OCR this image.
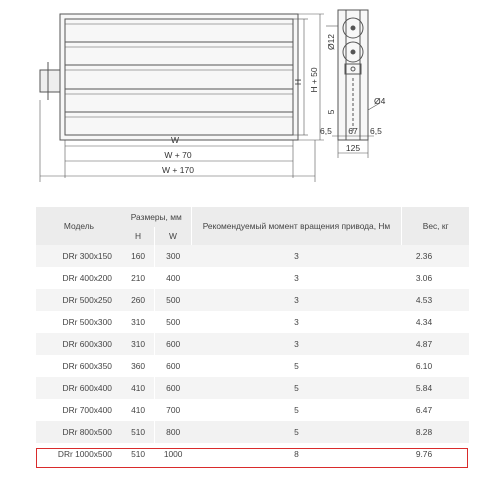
W
W + 70
W + 170
H H + 50
Ø12
5
Ø4
6,5 67 6,5
125
Модель	Размеры, мм		Рекомендуемый момент вращения привода, Нм	Вес, кг
	H	W		
DRr 300x150	160	300	3	2.36
DRr 400x200	210	400	3	3.06
DRr 500x250	260	500	3	4.53
DRr 500x300	310	500	3	4.34
DRr 600x300	310	600	3	4.87
DRr 600x350	360	600	5	6.10
DRr 600x400	410	600	5	5.84
DRr 700x400	410	700	5	6.47
DRr 800x500	510	800	5	8.28
DRr 1000x500	510	1000	8	9.76
